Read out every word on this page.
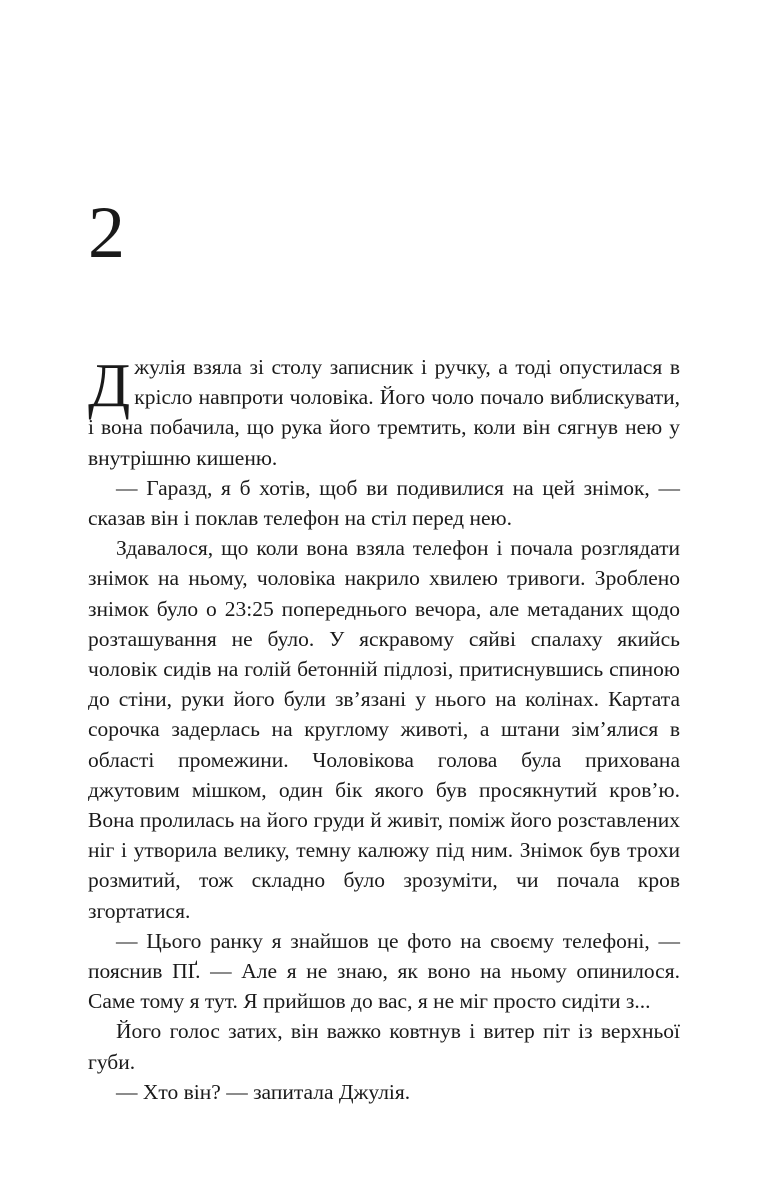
2

Джулія взяла зі столу записник і ручку, а тоді опустилася в крісло навпроти чоловіка. Його чоло почало виблискувати, і вона побачила, що рука його тремтить, коли він сягнув нею у внутрішню кишеню.

— Гаразд, я б хотів, щоб ви подивилися на цей знімок, — сказав він і поклав телефон на стіл перед нею.

Здавалося, що коли вона взяла телефон і почала розглядати знімок на ньому, чоловіка накрило хвилею тривоги. Зроблено знімок було о 23:25 попереднього вечора, але метаданих щодо розташування не було. У яскравому сяйві спалаху якийсь чоловік сидів на голій бетонній підлозі, притиснувшись спиною до стіни, руки його були зв’язані у нього на колінах. Картата сорочка задерлась на круглому животі, а штани зім’ялися в області промежини. Чоловікова голова була прихована джутовим мішком, один бік якого був просякнутий кров’ю. Вона пролилась на його груди й живіт, поміж його розставлених ніг і утворила велику, темну калюжу під ним. Знімок був трохи розмитий, тож складно було зрозуміти, чи почала кров згортатися.

— Цього ранку я знайшов це фото на своєму телефоні, — пояснив ПҐ. — Але я не знаю, як воно на ньому опинилося. Саме тому я тут. Я прийшов до вас, я не міг просто сидіти з...

Його голос затих, він важко ковтнув і витер піт із верхньої губи.

— Хто він? — запитала Джулія.
